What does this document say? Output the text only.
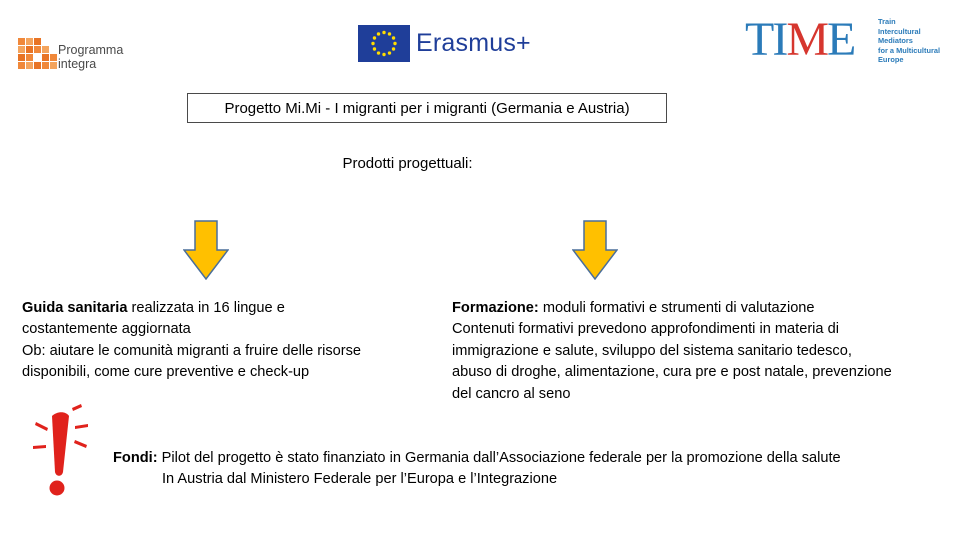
Programma
integra
Erasmus+	TIME	Train
Intercultural
Mediators
for a Multicultural
Europe
Progetto Mi.Mi - I migranti per i migranti (Germania e Austria)
Prodotti progettuali:
Guida sanitaria realizzata in 16 lingue e
costantemente aggiornata
Ob: aiutare le comunità migranti a fruire delle risorse
disponibili, come cure preventive e check-up
Formazione: moduli formativi e strumenti di valutazione
Contenuti formativi prevedono approfondimenti in materia di
immigrazione e salute, sviluppo del sistema sanitario tedesco,
abuso di droghe, alimentazione, cura pre e post natale, prevenzione
del cancro al seno
Fondi: Pilot del progetto è stato finanziato in Germania dall’Associazione federale per la promozione della salute
In Austria dal Ministero Federale per l’Europa e l’Integrazione
